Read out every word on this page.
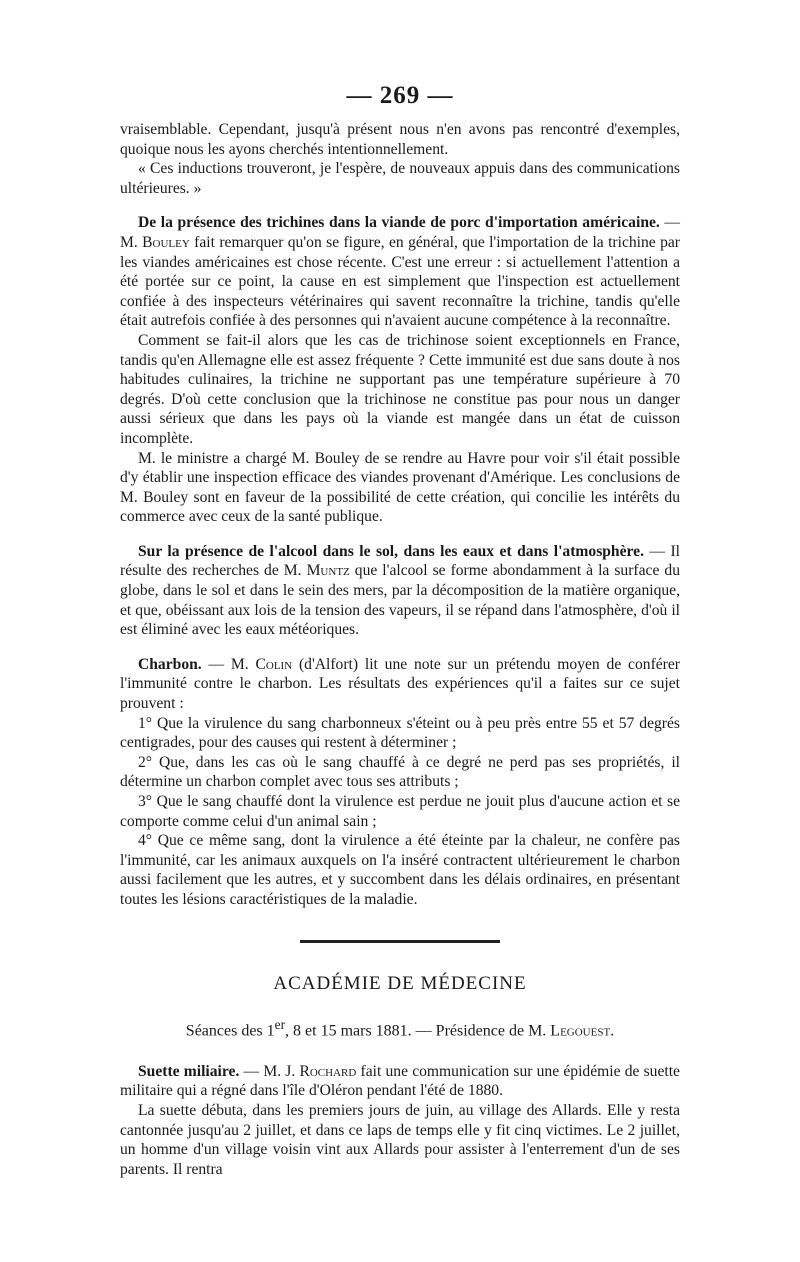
— 269 —

vraisemblable. Cependant, jusqu'à présent nous n'en avons pas rencontré d'exemples, quoique nous les ayons cherchés intentionnellement.

« Ces inductions trouveront, je l'espère, de nouveaux appuis dans des communications ultérieures. »

De la présence des trichines dans la viande de porc d'importation américaine. — M. Bouley fait remarquer qu'on se figure, en général, que l'importation de la trichine par les viandes américaines est chose récente. C'est une erreur : si actuellement l'attention a été portée sur ce point, la cause en est simplement que l'inspection est actuellement confiée à des inspecteurs vétérinaires qui savent reconnaître la trichine, tandis qu'elle était autrefois confiée à des personnes qui n'avaient aucune compétence à la reconnaître.

Comment se fait-il alors que les cas de trichinose soient exceptionnels en France, tandis qu'en Allemagne elle est assez fréquente ? Cette immunité est due sans doute à nos habitudes culinaires, la trichine ne supportant pas une température supérieure à 70 degrés. D'où cette conclusion que la trichinose ne constitue pas pour nous un danger aussi sérieux que dans les pays où la viande est mangée dans un état de cuisson incomplète.

M. le ministre a chargé M. Bouley de se rendre au Havre pour voir s'il était possible d'y établir une inspection efficace des viandes provenant d'Amérique. Les conclusions de M. Bouley sont en faveur de la possibilité de cette création, qui concilie les intérêts du commerce avec ceux de la santé publique.

Sur la présence de l'alcool dans le sol, dans les eaux et dans l'atmosphère. — Il résulte des recherches de M. Muntz que l'alcool se forme abondamment à la surface du globe, dans le sol et dans le sein des mers, par la décomposition de la matière organique, et que, obéissant aux lois de la tension des vapeurs, il se répand dans l'atmosphère, d'où il est éliminé avec les eaux météoriques.

Charbon. — M. Colin (d'Alfort) lit une note sur un prétendu moyen de conférer l'immunité contre le charbon. Les résultats des expériences qu'il a faites sur ce sujet prouvent :

1° Que la virulence du sang charbonneux s'éteint ou à peu près entre 55 et 57 degrés centigrades, pour des causes qui restent à déterminer ;

2° Que, dans les cas où le sang chauffé à ce degré ne perd pas ses propriétés, il détermine un charbon complet avec tous ses attributs ;

3° Que le sang chauffé dont la virulence est perdue ne jouit plus d'aucune action et se comporte comme celui d'un animal sain ;

4° Que ce même sang, dont la virulence a été éteinte par la chaleur, ne confère pas l'immunité, car les animaux auxquels on l'a inséré contractent ultérieurement le charbon aussi facilement que les autres, et y succombent dans les délais ordinaires, en présentant toutes les lésions caractéristiques de la maladie.

ACADÉMIE DE MÉDECINE
Séances des 1er, 8 et 15 mars 1881. — Présidence de M. Legouest.

Suette miliaire. — M. J. Rochard fait une communication sur une épidémie de suette militaire qui a régné dans l'île d'Oléron pendant l'été de 1880.

La suette débuta, dans les premiers jours de juin, au village des Allards. Elle y resta cantonnée jusqu'au 2 juillet, et dans ce laps de temps elle y fit cinq victimes. Le 2 juillet, un homme d'un village voisin vint aux Allards pour assister à l'enterrement d'un de ses parents. Il rentra
